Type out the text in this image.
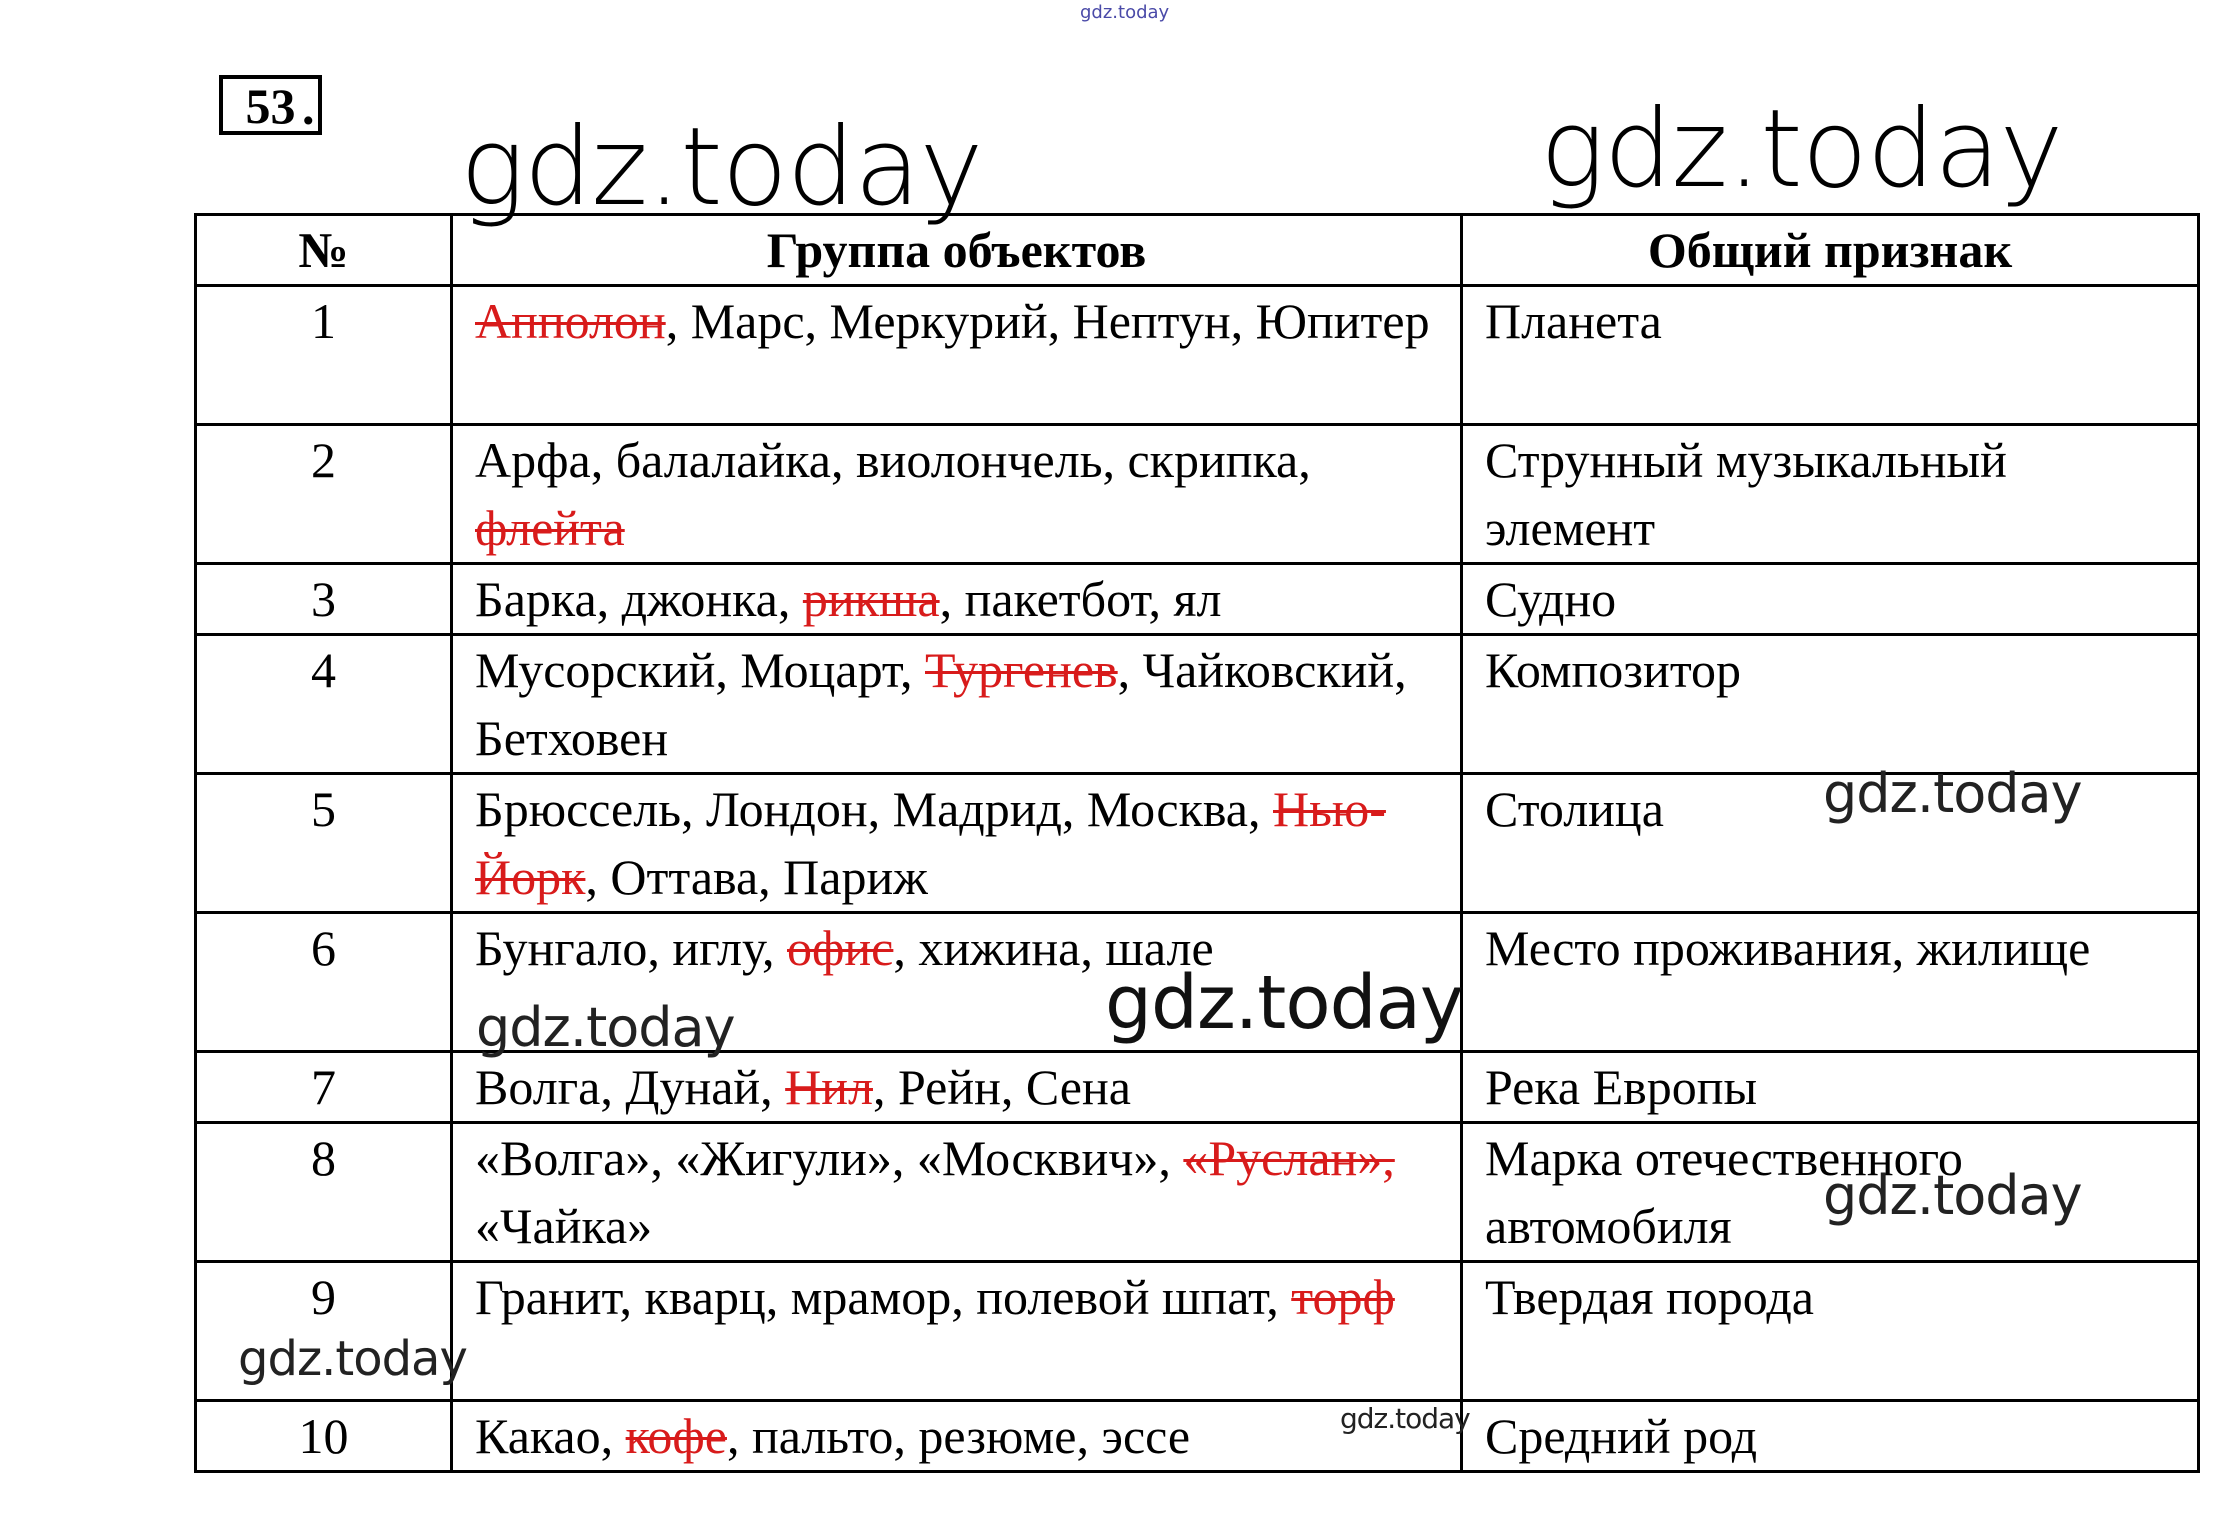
gdz.today
53 .
№	Группа объектов	Общий признак
1	Апполон, Марс, Меркурий, Нептун, Юпитер	Планета
2	Арфа, балалайка, виолончель, скрипка, флейта	Струнный музыкальный элемент
3	Барка, джонка, рикша, пакетбот, ял	Судно
4	Мусорский, Моцарт, Тургенев, Чайковский, Бетховен	Композитор
5	Брюссель, Лондон, Мадрид, Москва, Нью-Йорк, Оттава, Париж	Столица
6	Бунгало, иглу, офис, хижина, шале	Место проживания, жилище
7	Волга, Дунай, Нил, Рейн, Сена	Река Европы
8	«Волга», «Жигули», «Москвич», «Руслан», «Чайка»	Марка отечественного автомобиля
9	Гранит, кварц, мрамор, полевой шпат, торф	Твердая порода
10	Какао, кофе, пальто, резюме, эссе	Средний род
gdz.today	gdz.today
gdz.today
gdz.today
gdz.today
gdz.today
gdz.today
gdz.today
